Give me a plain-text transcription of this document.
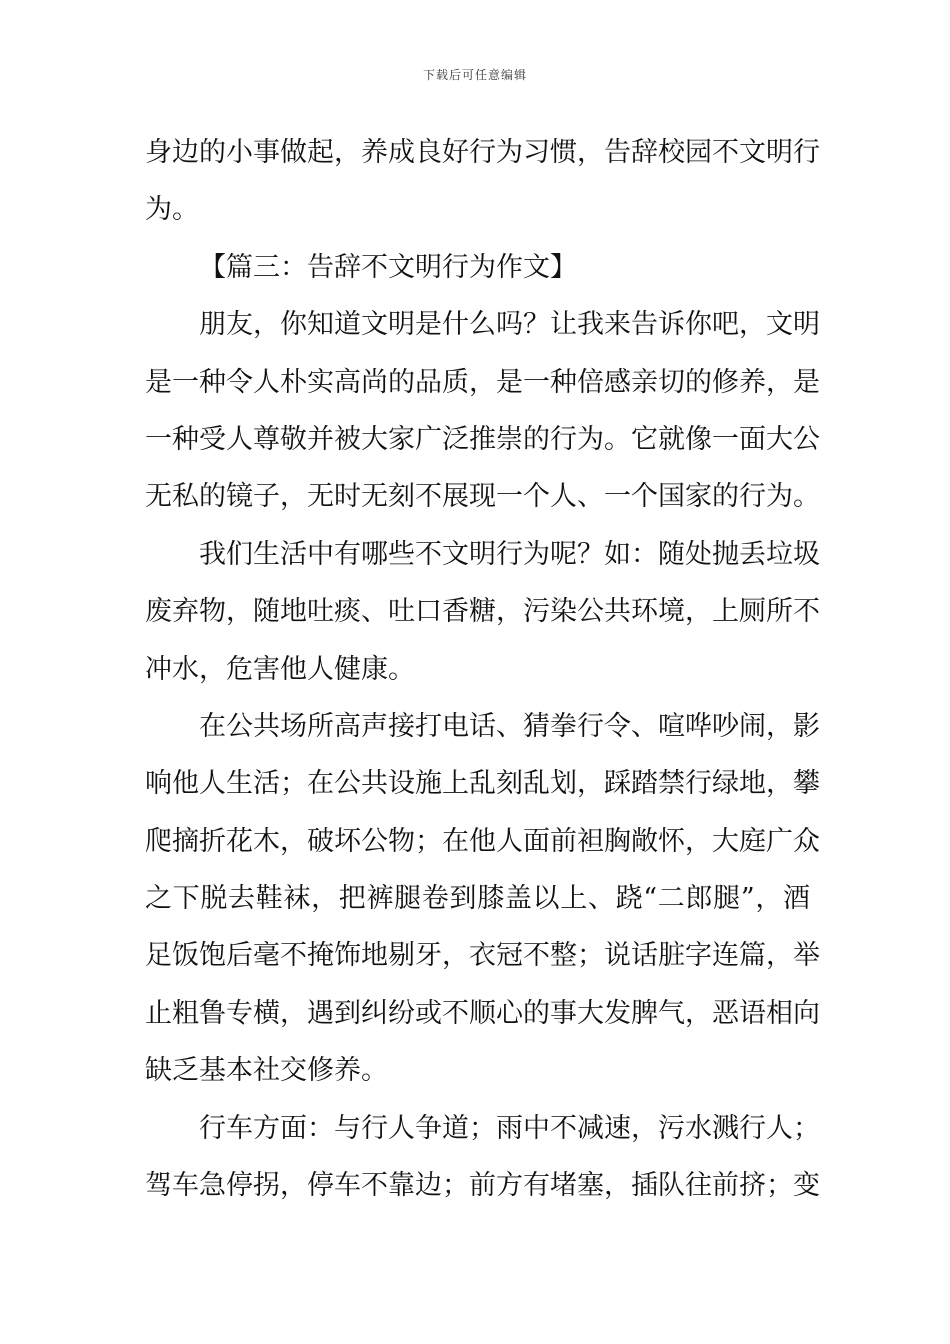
下载后可任意编辑
身边的小事做起，养成良好行为习惯，告辞校园不文明行
为。
【篇三：告辞不文明行为作文】
朋友，你知道文明是什么吗？让我来告诉你吧，文明
是一种令人朴实高尚的品质，是一种倍感亲切的修养，是
一种受人尊敬并被大家广泛推崇的行为。它就像一面大公
无私的镜子，无时无刻不展现一个人、一个国家的行为。
我们生活中有哪些不文明行为呢？如：随处抛丢垃圾
废弃物，随地吐痰、吐口香糖，污染公共环境，上厕所不
冲水，危害他人健康。
在公共场所高声接打电话、猜拳行令、喧哗吵闹，影
响他人生活；在公共设施上乱刻乱划，踩踏禁行绿地，攀
爬摘折花木，破坏公物；在他人面前袒胸敞怀，大庭广众
之下脱去鞋袜，把裤腿卷到膝盖以上、跷“二郎腿”，酒
足饭饱后毫不掩饰地剔牙，衣冠不整；说话脏字连篇，举
止粗鲁专横，遇到纠纷或不顺心的事大发脾气，恶语相向
缺乏基本社交修养。
行车方面：与行人争道；雨中不减速，污水溅行人；
驾车急停拐，停车不靠边；前方有堵塞，插队往前挤；变
